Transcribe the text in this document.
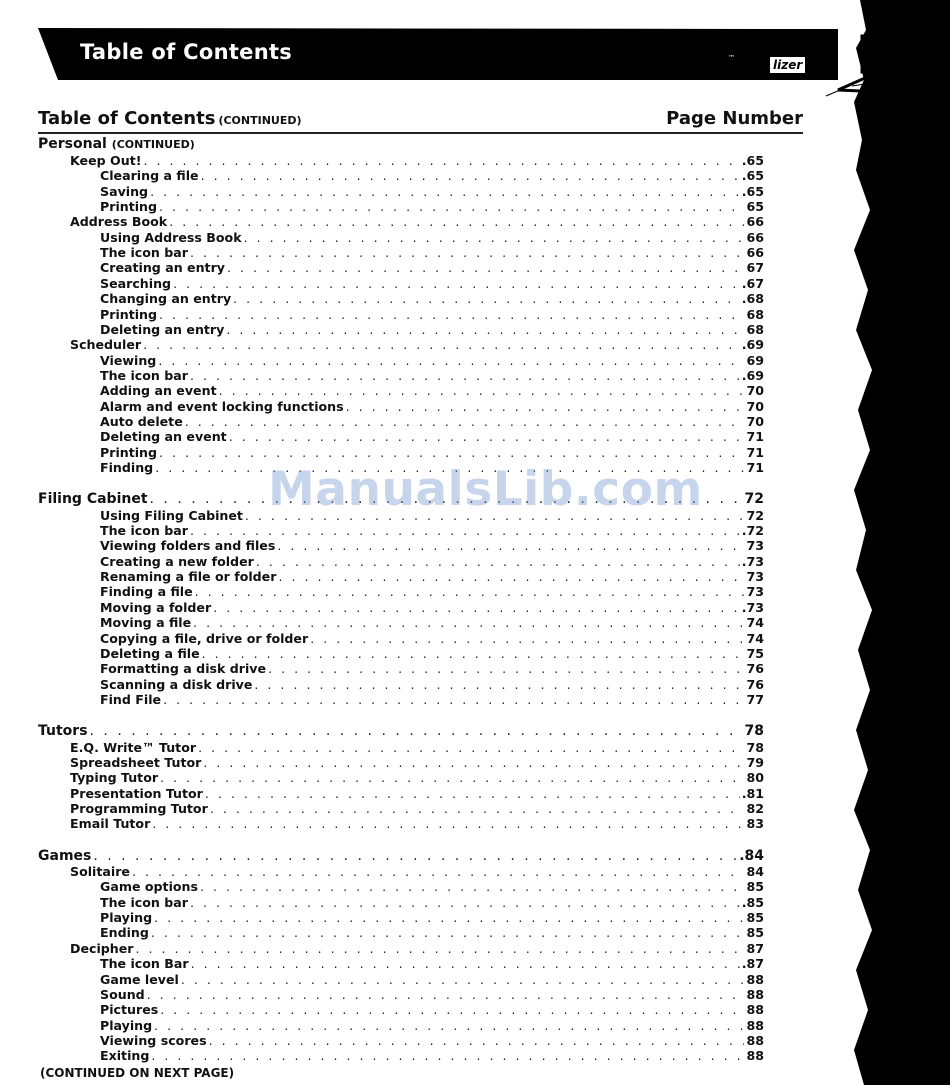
Table of Contents	™	lizer
Table of Contents (CONTINUED)	Page Number
Personal (CONTINUED)
Keep Out! . . .	.65
Clearing a file . . .	.65
Saving . . .	.65
Printing . . .	65
Address Book . . .	66
Using Address Book . . .	66
The icon bar . . .	66
Creating an entry . . .	67
Searching . . .	.67
Changing an entry . . .	.68
Printing . . .	68
Deleting an entry . . .	68
Scheduler . . .	.69
Viewing . . .	69
The icon bar . . .	.69
Adding an event . . .	70
Alarm and event locking functions . . .	70
Auto delete . . .	70
Deleting an event . . .	71
Printing . . .	71
Finding . . .	71
Filing Cabinet . . .	72
Using Filing Cabinet . . .	72
The icon bar . . .	.72
Viewing folders and files . . .	73
Creating a new folder . . .	.73
Renaming a file or folder . . .	73
Finding a file . . .	73
Moving a folder . . .	.73
Moving a file . . .	74
Copying a file, drive or folder . . .	74
Deleting a file . . .	75
Formatting a disk drive . . .	76
Scanning a disk drive . . .	76
Find File . . .	77
Tutors . . .	78
E.Q. Write™ Tutor . . .	78
Spreadsheet Tutor . . .	79
Typing Tutor . . .	80
Presentation Tutor . . .	.81
Programming Tutor . . .	82
Email Tutor . . .	83
Games . . .	.84
Solitaire . . .	84
Game options . . .	85
The icon bar . . .	.85
Playing . . .	85
Ending . . .	85
Decipher . . .	87
The icon Bar . . .	.87
Game level . . .	88
Sound . . .	88
Pictures . . .	88
Playing . . .	88
Viewing scores . . .	88
Exiting . . .	88
ManualsLib.com
(CONTINUED ON NEXT PAGE)
